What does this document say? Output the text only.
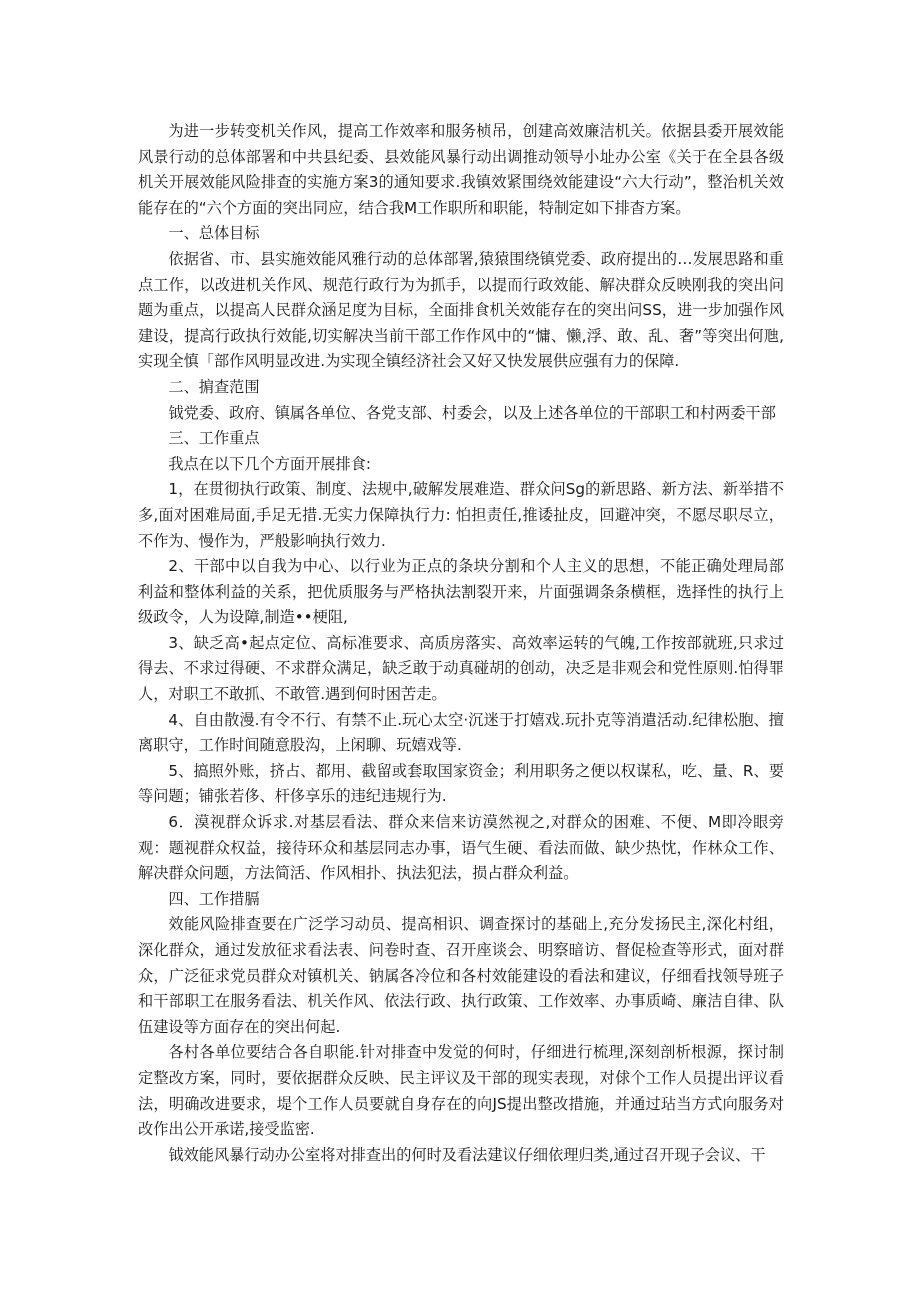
为进一步转变机关作风，提高工作效率和服务桢吊，创建高效廉洁机关。依据县委开展效能风景行动的总体部署和中共县纪委、县效能风暴行动出调推动领导小址办公室《关于在全县各级机关开展效能风险排查的实施方案3的通知要求.我镇效紧围绕效能建设“六大行动”，整治机关效能存在的“六个方面的突出同应，结合我M工作职所和职能，特制定如下排杳方案。

一、总体目标

依据省、市、县实施效能风雅行动的总体部署,猿猿围绕镇党委、政府提出的…发展思路和重点工作，以改进机关作风、规范行政行为为抓手，以提而行政效能、解决群众反映刚我的突出问题为重点，以提高人民群众涵足度为目标，全面排食机关效能存在的突出问SS，进一步加强作风建设，提高行政执行效能,切实解决当前干部工作作风中的“慵、懒,浮、敢、乱、奢”等突出何虺,实现全慎「部作风明显改进.为实现全镇经济社会又好又快发展供应强有力的保障.

二、掮查范围

钺党委、政府、镇属各单位、各党支部、村委会，以及上述各单位的干部职工和村两委干部

三、工作重点

我点在以下几个方面开展排食:

1，在贯彻执行政策、制度、法规中,破解发展难造、群众问Sg的新思路、新方法、新举措不多,面对困难局面,手足无措.无实力保障执行力: 怕担责任,推诿扯皮，回避冲突，不愿尽职尽立，不作为、慢作为，严般影响执行效力.

2、干部中以自我为中心、以行业为正点的条块分割和个人主义的思想，不能正确处理局部利益和整体利益的关系，把优质服务与严格执法割裂开来，片面强调条条横框，选择性的执行上级政令，人为设障,制造••梗阻,

3、缺乏高•起点定位、高标准要求、高质房落实、高效率运转的气魄,工作按部就班,只求过得去、不求过得硬、不求群众满足，缺乏敢于动真碰胡的创动，决乏是非观会和党性原则.怕得罪人，对职工不敢抓、不敢管.遇到何时困苦走。

4、自由散漫.有令不行、有禁不止.玩心太空·沉迷于打嬉戏.玩扑克等消遣活动.纪律松胞、擅离职守，工作时间随意股沟，上闲聊、玩嬉戏等.

5、搞照外账，挤占、都用、截留或套取国家资金；利用职务之便以权谋私，吃、量、R、要等问题；铺张若侈、杆侈享乐的违纪违规行为.

6．漠视群众诉求.对基层看法、群众来信来访漠然视之,对群众的困难、不便、M即冷眼旁观：题视群众权益，接待环众和基层同志办事，语气生硬、看法而做、缺少热忱，作林众工作、解决群众问题，方法简活、作风相扑、执法犯法，损占群众利益。

四、工作措膈

效能风险排查要在广泛学习动员、提高相识、调查探讨的基础上,充分发扬民主,深化村组，深化群众，通过发放征求看法表、问卷时查、召开座谈会、明察暗访、督促检查等形式，面对群众，广泛征求党员群众对镇机关、钠属各冷位和各村效能建设的看法和建议，仔细看找领导班子和干部职工在服务看法、机关作风、依法行政、执行政策、工作效率、办事质崎、廉洁自律、队伍建设等方面存在的突出何起.

各村各单位要结合各自职能.针对排查中发觉的何时，仔细进行梳理,深刻剖析根源，探讨制定整改方案，同时，要依据群众反映、民主评议及干部的现实表现，对俅个工作人员提出评议看法，明确改进要求，堤个工作人员要就自身存在的向JS提出整改措施，并通过玷当方式向服务对改作出公开承诺,接受监密.

钺效能风暴行动办公室将对排查出的何时及看法建议仔细依理归类,通过召开现子会议、干
